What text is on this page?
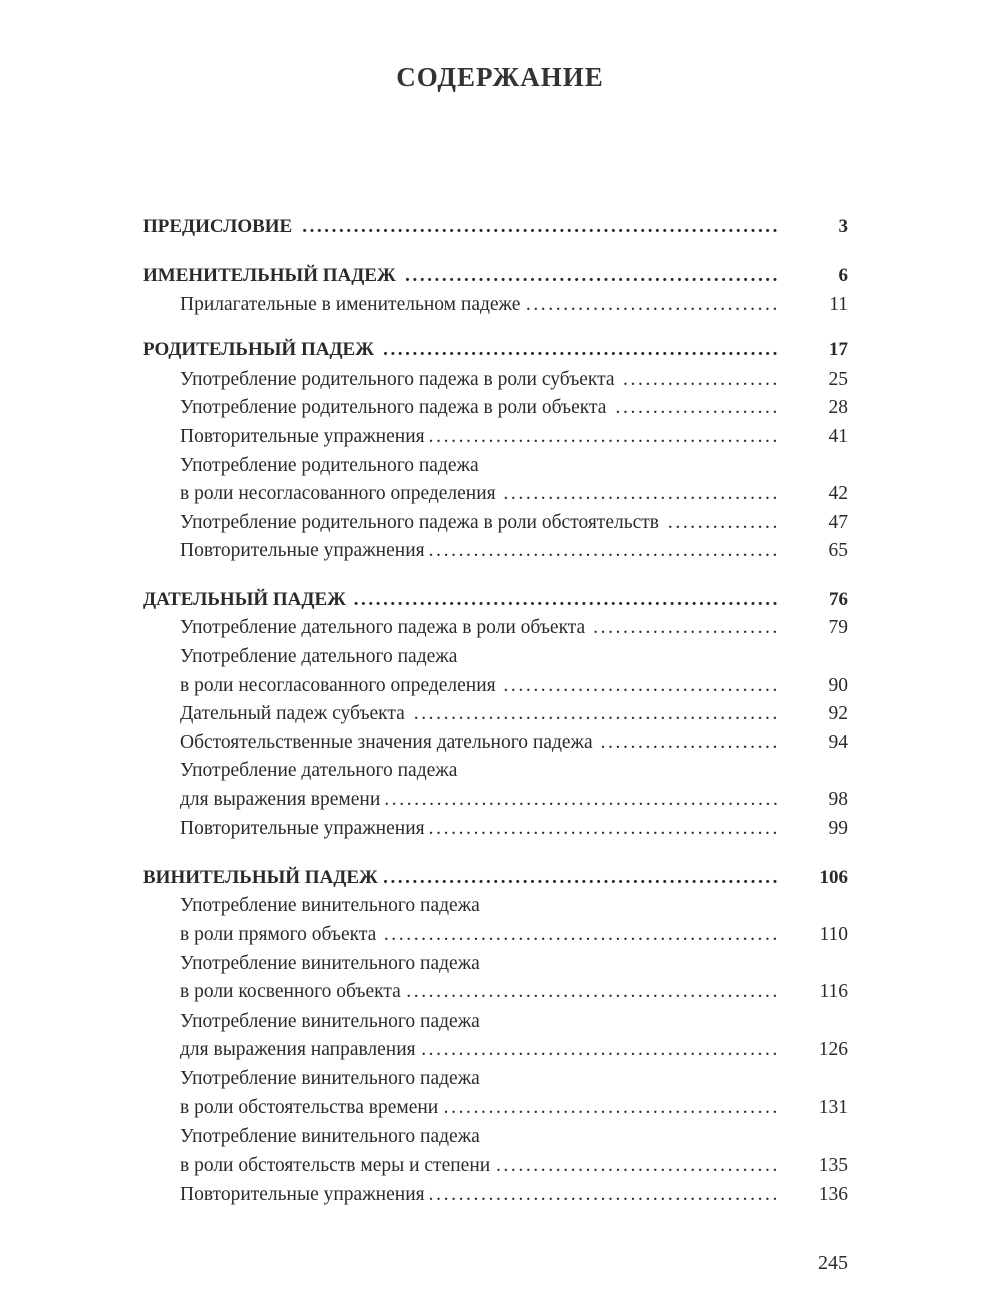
СОДЕРЖАНИЕ
ПРЕДИСЛОВИЕ .................................................................	3
ИМЕНИТЕЛЬНЫЙ ПАДЕЖ ...................................................	6
Прилагательные в именительном падеже ..................................	11
РОДИТЕЛЬНЫЙ ПАДЕЖ ......................................................	17
Употребление родительного падежа в роли субъекта .....................	25
Употребление родительного падежа в роли объекта ......................	28
Повторительные упражнения ...............................................	41
Употребление родительного падежа
в роли несогласованного определения .....................................	42
Употребление родительного падежа в роли обстоятельств ...............	47
Повторительные упражнения ...............................................	65
ДАТЕЛЬНЫЙ ПАДЕЖ ..........................................................	76
Употребление дательного падежа в роли объекта .........................	79
Употребление дательного падежа
в роли несогласованного определения .....................................	90
Дательный падеж субъекта .................................................	92
Обстоятельственные значения дательного падежа ........................	94
Употребление дательного падежа
для выражения времени .....................................................	98
Повторительные упражнения ...............................................	99
ВИНИТЕЛЬНЫЙ ПАДЕЖ ......................................................	106
Употребление винительного падежа
в роли прямого объекта .....................................................	110
Употребление винительного падежа
в роли косвенного объекта ..................................................	116
Употребление винительного падежа
для выражения направления ................................................	126
Употребление винительного падежа
в роли обстоятельства времени .............................................	131
Употребление винительного падежа
в роли обстоятельств меры и степени ......................................	135
Повторительные упражнения ...............................................	136
245
